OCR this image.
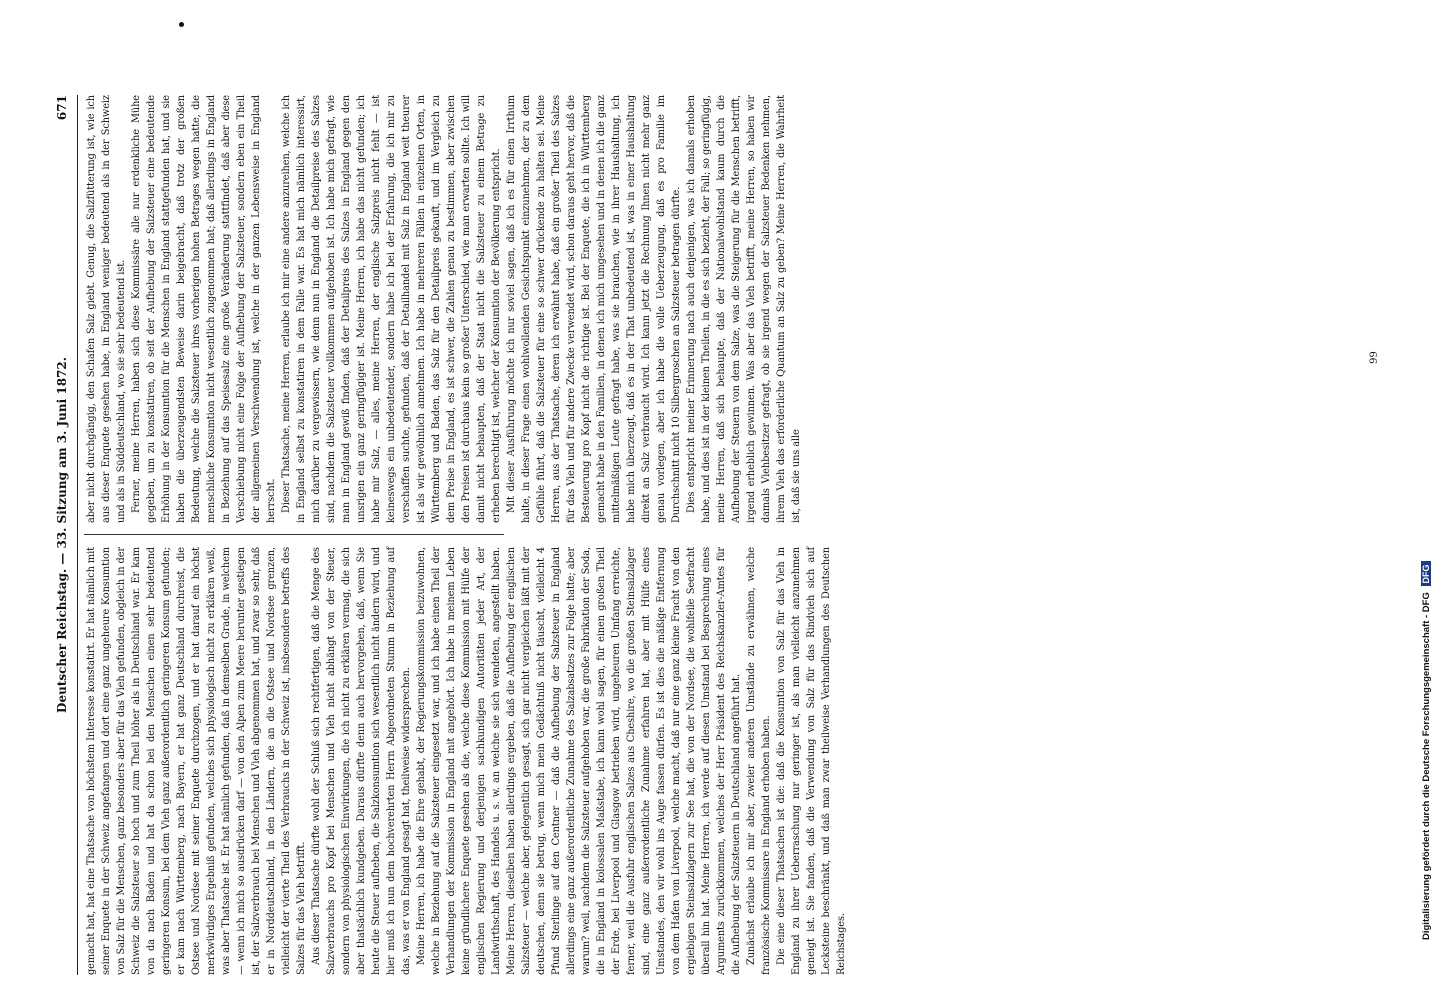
Deutscher Reichstag. — 33. Sitzung am 3. Juni 1872.
671

gemacht hat, hat eine Thatsache von höchstem Interesse konstatirt. Er hat nämlich mit seiner Enquete in der Schweiz angefangen und dort eine ganz ungeheure Konsumtion von Salz für die Menschen, ganz besonders aber für das Vieh gefunden, obgleich in der Schweiz die Salzsteuer so hoch und zum Theil höher als in Deutschland war. Er kam von da nach Baden und hat da schon bei den Menschen einen sehr bedeutend geringeren Konsum, bei dem Vieh ganz außerordentlich geringeren Konsum gefunden; er kam nach Württemberg, nach Bayern, er hat ganz Deutschland durchreist, die Ostsee und Nordsee mit seiner Enquete durchzogen, und er hat darauf ein höchst merkwürdiges Ergebniß gefunden, welches sich physiologisch nicht zu erklären weiß, was aber Thatsache ist. Er hat nämlich gefunden, daß in demselben Grade, in welchem — wenn ich mich so ausdrücken darf — von den Alpen zum Meere herunter gestiegen ist, der Salzverbrauch bei Menschen und Vieh abgenommen hat, und zwar so sehr, daß er in Norddeutschland, in den Ländern, die an die Ostsee und Nordsee grenzen, vielleicht der vierte Theil des Verbrauchs in der Schweiz ist, insbesondere betreffs des Salzes für das Vieh betrifft. Aus dieser Thatsache dürfte wohl der Schluß sich rechtfertigen, daß die Menge des Salzverbrauchs pro Kopf bei Menschen und Vieh nicht abhängt von der Steuer, sondern von physiologischen Einwirkungen, die ich nicht zu erklären vermag, die sich aber thatsächlich kundgeben. Daraus dürfte denn auch hervorgehen, daß, wenn Sie heute die Steuer aufheben, die Salzkonsumtion sich wesentlich nicht ändern wird, und hier muß ich nun dem hochverehrten Herrn Abgeordneten Stumm in Beziehung auf das, was er von England gesagt hat, theilweise widersprechen. Meine Herren, ich habe die Ehre gehabt, der Regierungskommission beizuwohnen, welche in Beziehung auf die Salzsteuer eingesetzt war, und ich habe einen Theil der Verhandlungen der Kommission in England mit angehört. Ich habe in meinem Leben keine gründlichere Enquete gesehen als die, welche diese Kommission mit Hülfe der englischen Regierung und derjenigen sachkundigen Autoritäten jeder Art, der Landwirthschaft, des Handels u. s. w. an welche sie sich wendeten, angestellt haben. Meine Herren, dieselben haben allerdings ergeben, daß die Aufhebung der englischen Salzsteuer — welche aber, gelegentlich gesagt, sich gar nicht vergleichen läßt mit der deutschen, denn sie betrug, wenn mich mein Gedächtniß nicht täuscht, vielleicht 4 Pfund Sterlinge auf den Centner — daß die Aufhebung der Salzsteuer in England allerdings eine ganz außerordentliche Zunahme des Salzabsatzes zur Folge hatte; aber warum? weil, nachdem die Salzsteuer aufgehoben war, die große Fabrikation der Soda, die in England in kolossalen Maßstabe, ich kann wohl sagen, für einen großen Theil der Erde, bei Liverpool und Glasgow betrieben wird, ungeheuren Umfang erreichte, ferner, weil die Ausfuhr englischen Salzes aus Cheshire, wo die großen Steinsalzlager sind, eine ganz außerordentliche Zunahme erfahren hat, aber mit Hülfe eines Umstandes, den wir wohl ins Auge fassen dürfen. Es ist dies die mäßige Entfernung von dem Hafen von Liverpool, welche macht, daß nur eine ganz kleine Fracht von den ergiebigen Steinsalzlagern zur See hat, die von der Nordsee, die wohlfeile Seefracht überall hin hat. Meine Herren, ich werde auf diesen Umstand bei Besprechung eines Arguments zurückkommen, welches der Herr Präsident des Reichskanzler-Amtes für die Aufhebung der Salzsteuern in Deutschland angeführt hat. Zunächst erlaube ich mir aber, zweier anderen Umstände zu erwähnen, welche französische Kommissare in England erhoben haben. Die eine dieser Thatsachen ist die: daß die Konsumtion von Salz für das Vieh in England zu ihrer Ueberraschung nur geringer ist, als man vielleicht anzunehmen geneigt ist. Sie fanden, daß die Verwendung von Salz für das Rindvieh sich auf Lecksteine beschränkt, und daß man zwar theilweise Verhandlungen des Deutschen Reichstages.

aber nicht durchgängig, den Schafen Salz giebt. Genug, die Salzfütterung ist, wie ich aus dieser Enquete gesehen habe, in England weniger bedeutend als in der Schweiz und als in Süddeutschland, wo sie sehr bedeutend ist. Ferner, meine Herren, haben sich diese Kommissäre alle nur erdenkliche Mühe gegeben, um zu konstatiren, ob seit der Aufhebung der Salzsteuer eine bedeutende Erhöhung in der Konsumtion für die Menschen in England stattgefunden hat, und sie haben die überzeugendsten Beweise darin beigebracht, daß trotz der großen Bedeutung, welche die Salzsteuer ihres vorherigen hohen Betrages wegen hatte, die menschliche Konsumtion nicht wesentlich zugenommen hat; daß allerdings in England in Beziehung auf das Speisesalz eine große Veränderung stattfindet, daß aber diese Verschiebung nicht eine Folge der Aufhebung der Salzsteuer, sondern eben ein Theil der allgemeinen Verschwendung ist, welche in der ganzen Lebensweise in England herrscht. Dieser Thatsache, meine Herren, erlaube ich mir eine andere anzureihen, welche ich in England selbst zu konstatiren in dem Falle war. Es hat mich nämlich interessirt, mich darüber zu vergewissern, wie denn nun in England die Detailpreise des Salzes sind, nachdem die Salzsteuer vollkommen aufgehoben ist. Ich habe mich gefragt, wie man in England gewiß finden, daß der Detailpreis des Salzes in England gegen den unsrigen ein ganz geringfügiger ist. Meine Herren, ich habe das nicht gefunden; ich habe mir Salz, — alles, meine Herren, der englische Salzpreis nicht fehlt — ist keineswegs ein unbedeutender, sondern habe ich bei der Erfahrung, die ich mir zu verschaffen suchte, gefunden, daß der Detailhandel mit Salz in England weit theurer ist als wir gewöhnlich annehmen. Ich habe in mehreren Fällen in einzelnen Orten, in Württemberg und Baden, das Salz für den Detailpreis gekauft, und im Vergleich zu dem Preise in England, es ist schwer, die Zahlen genau zu bestimmen, aber zwischen den Preisen ist durchaus kein so großer Unterschied, wie man erwarten sollte. Ich will damit nicht behaupten, daß der Staat nicht die Salzsteuer zu einem Betrage zu erheben berechtigt ist, welcher der Konsumtion der Bevölkerung entspricht. Mit dieser Ausführung möchte ich nur soviel sagen, daß ich es für einen Irrthum halte, in dieser Frage einen wohlwollenden Gesichtspunkt einzunehmen, der zu dem Gefühle führt, daß die Salzsteuer für eine so schwer drückende zu halten sei. Meine Herren, aus der Thatsache, deren ich erwähnt habe, daß ein großer Theil des Salzes für das Vieh und für andere Zwecke verwendet wird, schon daraus geht hervor, daß die Besteuerung pro Kopf nicht die richtige ist. Bei der Enquete, die ich in Württemberg gemacht habe in den Familien, in denen ich mich umgesehen und in denen ich die ganz mittelmäßigen Leute gefragt habe, was sie brauchen, wie in ihrer Haushaltung, ich habe mich überzeugt, daß es in der That unbedeutend ist, was in einer Haushaltung direkt an Salz verbraucht wird. Ich kann jetzt die Rechnung Ihnen nicht mehr ganz genau vorlegen, aber ich habe die volle Ueberzeugung, daß es pro Familie im Durchschnitt nicht 10 Silbergroschen an Salzsteuer betragen dürfte. Dies entspricht meiner Erinnerung nach auch denjenigen, was ich damals erhoben habe, und dies ist in der kleinen Theilen, in die es sich bezieht, der Fall; so geringfügig, meine Herren, daß sich behaupte, daß der Nationalwohlstand kaum durch die Aufhebung der Steuern von dem Salze, was die Steigerung für die Menschen betrifft, irgend erheblich gewinnen. Was aber das Vieh betrifft, meine Herren, so haben wir damals Viehbesitzer gefragt, ob sie irgend wegen der Salzsteuer Bedenken nehmen, ihrem Vieh das erforderliche Quantum an Salz zu geben? Meine Herren, die Wahrheit ist, daß sie uns alle

Digitalisierung gefördert durch die Deutsche Forschungsgemeinschaft - DFG DFG
99
